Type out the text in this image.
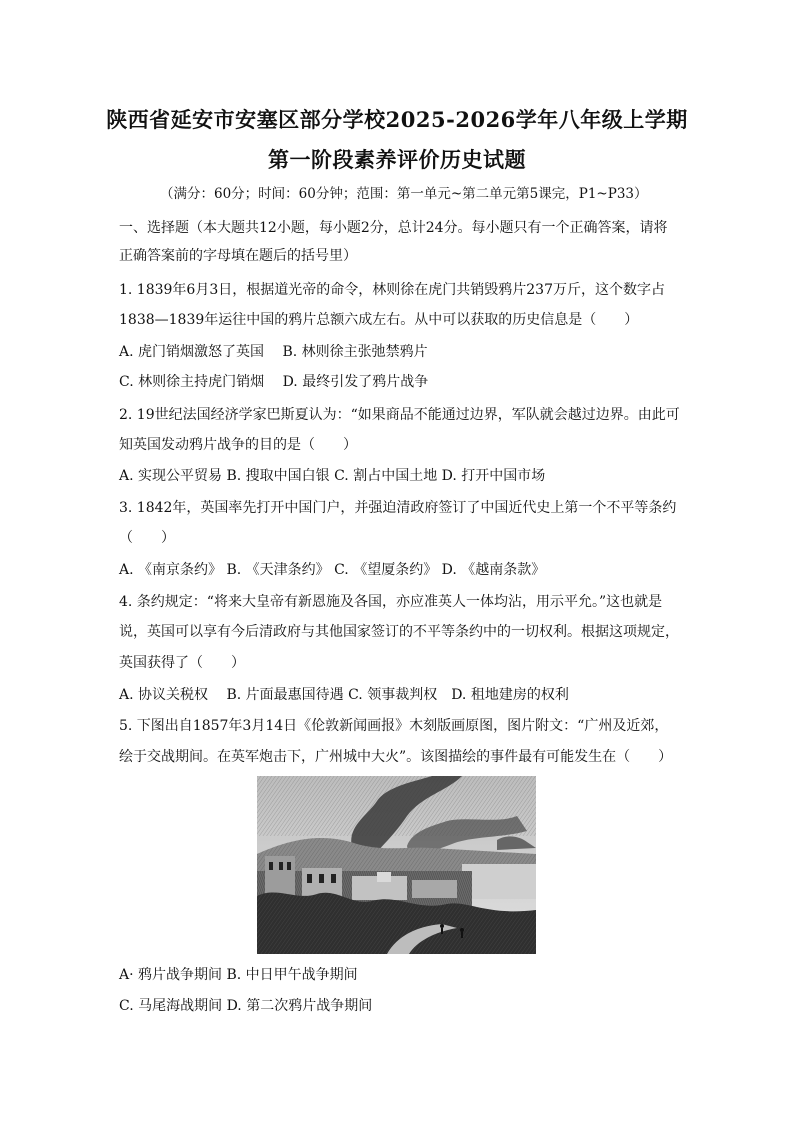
陕西省延安市安塞区部分学校2025-2026学年八年级上学期
第一阶段素养评价历史试题
（满分：60分；时间：60分钟；范围：第一单元~第二单元第5课完，P1~P33）
一、选择题（本大题共12小题，每小题2分，总计24分。每小题只有一个正确答案，请将
正确答案前的字母填在题后的括号里）
1. 1839年6月3日，根据道光帝的命令，林则徐在虎门共销毁鸦片237万斤，这个数字占
1838—1839年运往中国的鸦片总额六成左右。从中可以获取的历史信息是（　　）
A. 虎门销烟激怒了英国　 B. 林则徐主张弛禁鸦片
C. 林则徐主持虎门销烟　 D. 最终引发了鸦片战争
2. 19世纪法国经济学家巴斯夏认为：“如果商品不能通过边界，军队就会越过边界。由此可
知英国发动鸦片战争的目的是（　　）
A. 实现公平贸易 B. 搜取中国白银 C. 割占中国土地 D. 打开中国市场
3. 1842年，英国率先打开中国门户，并强迫清政府签订了中国近代史上第一个不平等条约
（　　）
A. 《南京条约》 B. 《天津条约》 C. 《望厦条约》 D. 《越南条款》
4. 条约规定：“将来大皇帝有新恩施及各国，亦应准英人一体均沾，用示平允。”这也就是
说，英国可以享有今后清政府与其他国家签订的不平等条约中的一切权利。根据这项规定，
英国获得了（　　）
A. 协议关税权　 B. 片面最惠国待遇 C. 领事裁判权　D. 租地建房的权利
5. 下图出自1857年3月14日《伦敦新闻画报》木刻版画原图，图片附文：“广州及近郊，
绘于交战期间。在英军炮击下，广州城中大火”。该图描绘的事件最有可能发生在（　　）
A· 鸦片战争期间 B. 中日甲午战争期间
C. 马尾海战期间 D. 第二次鸦片战争期间
